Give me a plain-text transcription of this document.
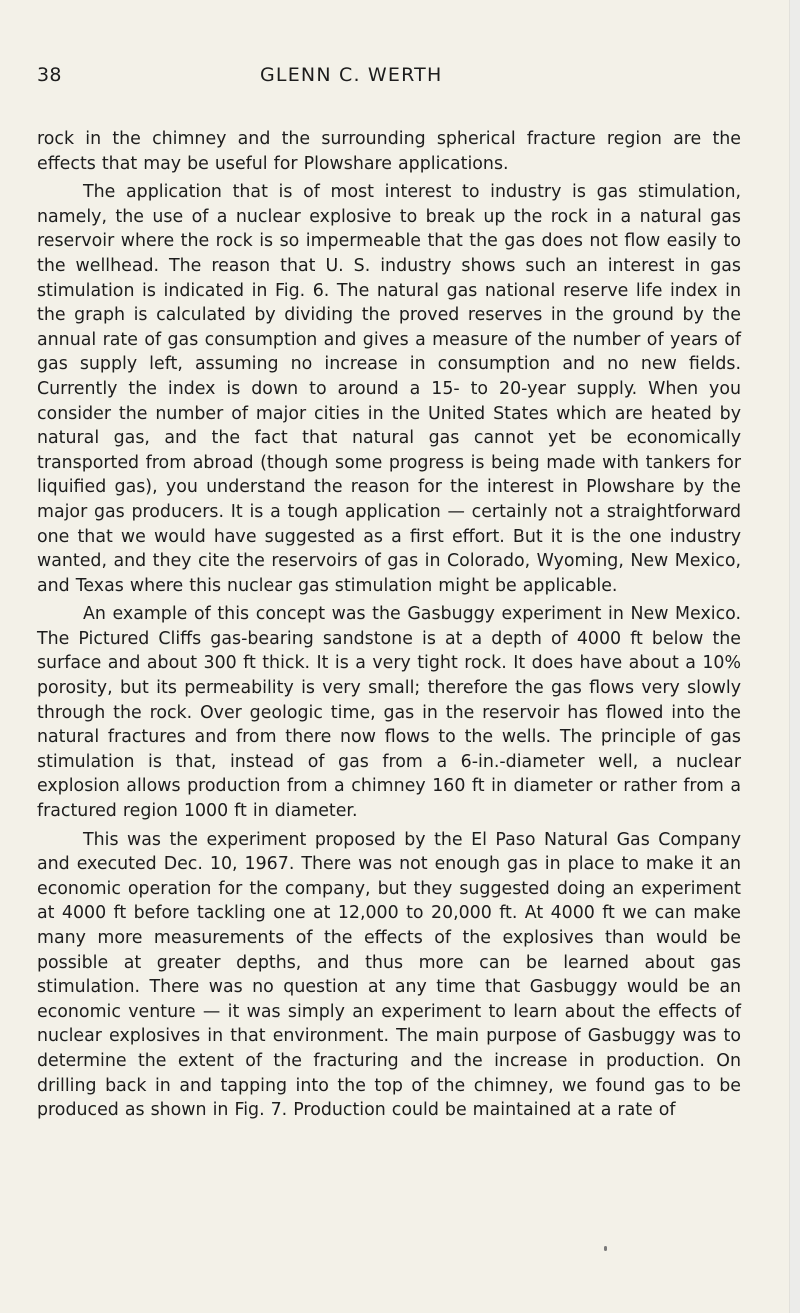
38	GLENN C. WERTH

rock in the chimney and the surrounding spherical fracture region are the effects that may be useful for Plowshare applications.

The application that is of most interest to industry is gas stimulation, namely, the use of a nuclear explosive to break up the rock in a natural gas reservoir where the rock is so impermeable that the gas does not flow easily to the wellhead. The reason that U. S. industry shows such an interest in gas stimulation is indicated in Fig. 6. The natural gas national reserve life index in the graph is calculated by dividing the proved reserves in the ground by the annual rate of gas consumption and gives a measure of the number of years of gas supply left, assuming no increase in consumption and no new fields. Currently the index is down to around a 15- to 20-year supply. When you consider the number of major cities in the United States which are heated by natural gas, and the fact that natural gas cannot yet be economically transported from abroad (though some progress is being made with tankers for liquified gas), you understand the reason for the interest in Plowshare by the major gas producers. It is a tough application — certainly not a straightforward one that we would have suggested as a first effort. But it is the one industry wanted, and they cite the reservoirs of gas in Colorado, Wyoming, New Mexico, and Texas where this nuclear gas stimulation might be applicable.

An example of this concept was the Gasbuggy experiment in New Mexico. The Pictured Cliffs gas-bearing sandstone is at a depth of 4000 ft below the surface and about 300 ft thick. It is a very tight rock. It does have about a 10% porosity, but its permeability is very small; therefore the gas flows very slowly through the rock. Over geologic time, gas in the reservoir has flowed into the natural fractures and from there now flows to the wells. The principle of gas stimulation is that, instead of gas from a 6-in.-diameter well, a nuclear explosion allows production from a chimney 160 ft in diameter or rather from a fractured region 1000 ft in diameter.

This was the experiment proposed by the El Paso Natural Gas Company and executed Dec. 10, 1967. There was not enough gas in place to make it an economic operation for the company, but they suggested doing an experiment at 4000 ft before tackling one at 12,000 to 20,000 ft. At 4000 ft we can make many more measurements of the effects of the explosives than would be possible at greater depths, and thus more can be learned about gas stimulation. There was no question at any time that Gasbuggy would be an economic venture — it was simply an experiment to learn about the effects of nuclear explosives in that environment. The main purpose of Gasbuggy was to determine the extent of the fracturing and the increase in production. On drilling back in and tapping into the top of the chimney, we found gas to be produced as shown in Fig. 7. Production could be maintained at a rate of
